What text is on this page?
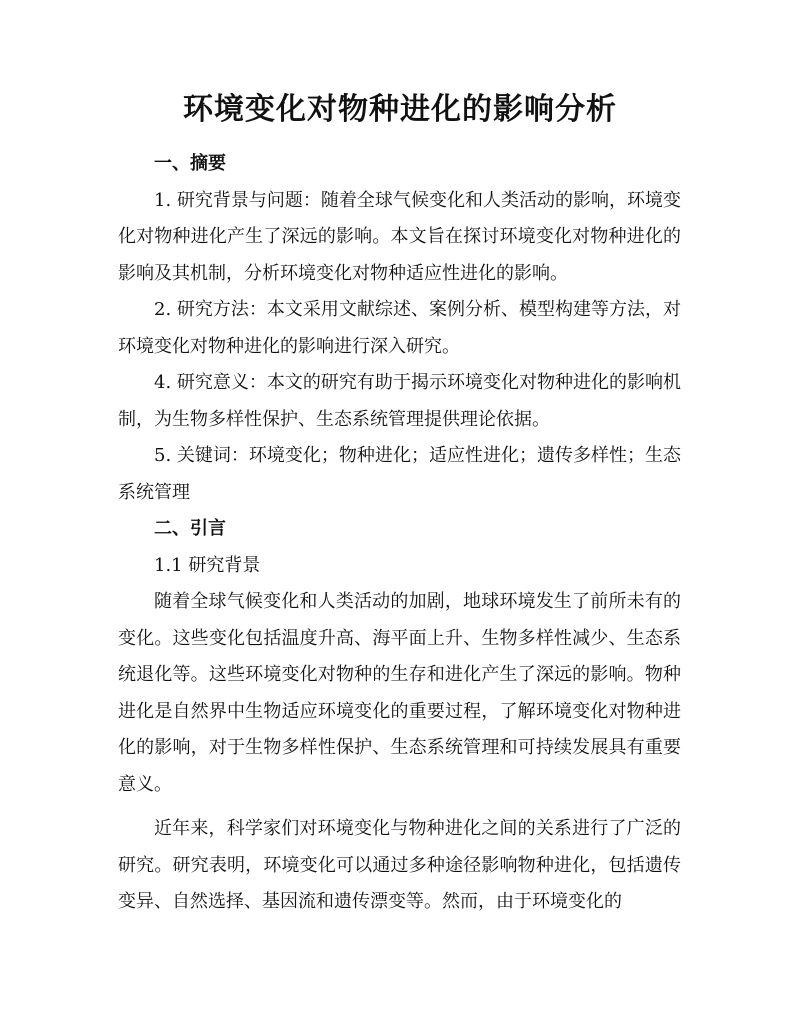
环境变化对物种进化的影响分析

一、摘要

1. 研究背景与问题：随着全球气候变化和人类活动的影响，环境变化对物种进化产生了深远的影响。本文旨在探讨环境变化对物种进化的影响及其机制，分析环境变化对物种适应性进化的影响。

2. 研究方法：本文采用文献综述、案例分析、模型构建等方法，对环境变化对物种进化的影响进行深入研究。

4. 研究意义：本文的研究有助于揭示环境变化对物种进化的影响机制，为生物多样性保护、生态系统管理提供理论依据。

5. 关键词：环境变化；物种进化；适应性进化；遗传多样性；生态系统管理

二、引言

1.1 研究背景

随着全球气候变化和人类活动的加剧，地球环境发生了前所未有的变化。这些变化包括温度升高、海平面上升、生物多样性减少、生态系统退化等。这些环境变化对物种的生存和进化产生了深远的影响。物种进化是自然界中生物适应环境变化的重要过程，了解环境变化对物种进化的影响，对于生物多样性保护、生态系统管理和可持续发展具有重要意义。

近年来，科学家们对环境变化与物种进化之间的关系进行了广泛的研究。研究表明，环境变化可以通过多种途径影响物种进化，包括遗传变异、自然选择、基因流和遗传漂变等。然而，由于环境变化的
